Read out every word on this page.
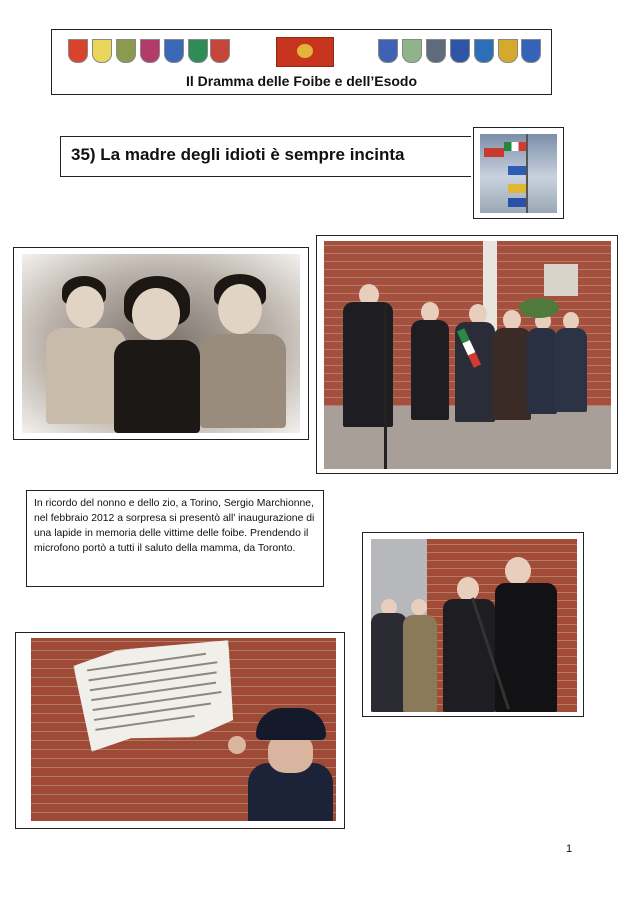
Il Dramma delle Foibe e dell’Esodo
35) La madre degli idioti è sempre incinta
In ricordo del nonno e dello zio, a Torino, Sergio Marchionne, nel febbraio 2012 a sorpresa si presentò all’ inaugurazione di una lapide in memoria delle vittime delle foibe. Prendendo il microfono portò a tutti il saluto della mamma, da Toronto.
1
